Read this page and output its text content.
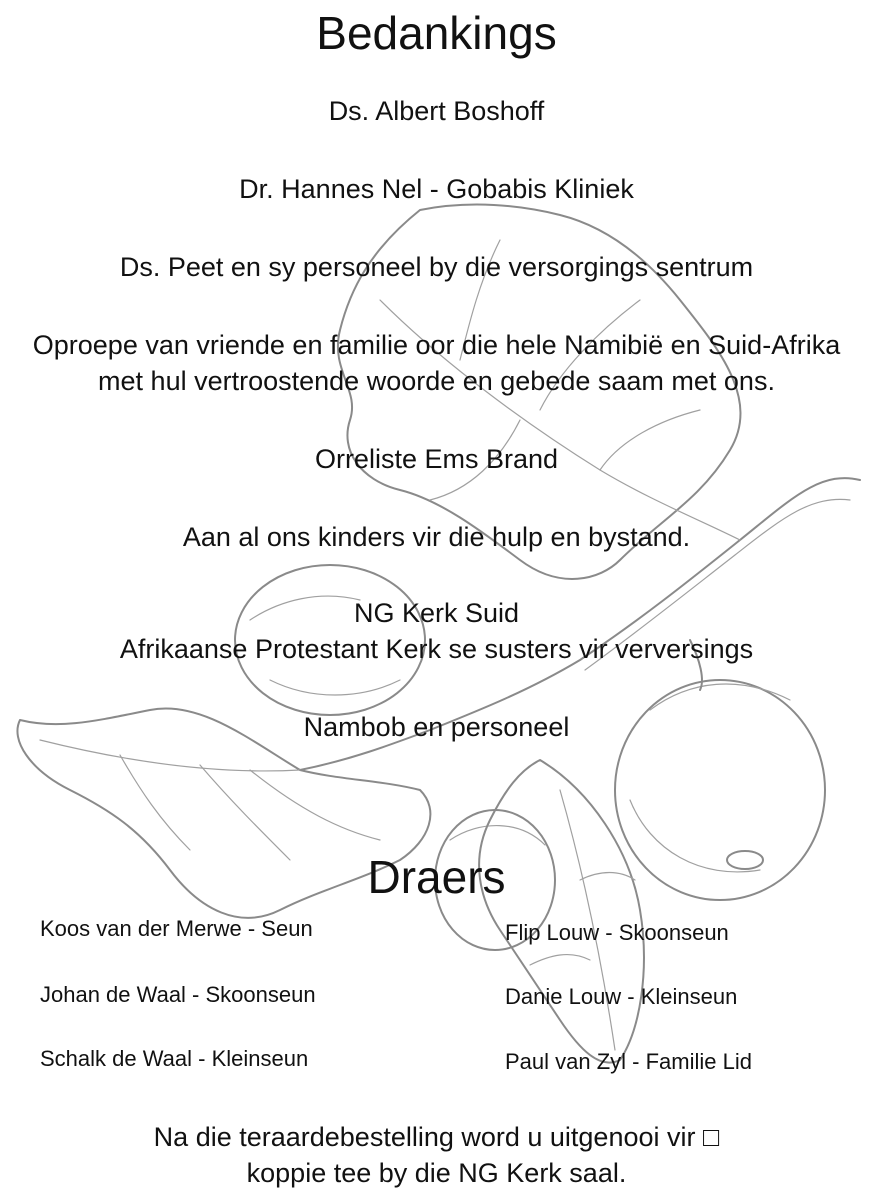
Bedankings
Ds. Albert Boshoff
Dr. Hannes Nel - Gobabis Kliniek
Ds. Peet en sy personeel by die versorgings sentrum
Oproepe van vriende en familie oor die hele Namibië en Suid-Afrika
met hul vertroostende woorde en gebede saam met ons.
Orreliste Ems Brand
Aan al ons kinders vir die hulp en bystand.
NG Kerk Suid
Afrikaanse Protestant Kerk se susters vir verversings
Nambob en personeel
Draers
Koos van der Merwe - Seun
Johan de Waal - Skoonseun
Schalk de Waal - Kleinseun
Flip Louw - Skoonseun
Danie Louw - Kleinseun
Paul van Zyl - Familie Lid
Na die teraardebestelling word u uitgenooi vir □
koppie tee by die NG Kerk saal.
